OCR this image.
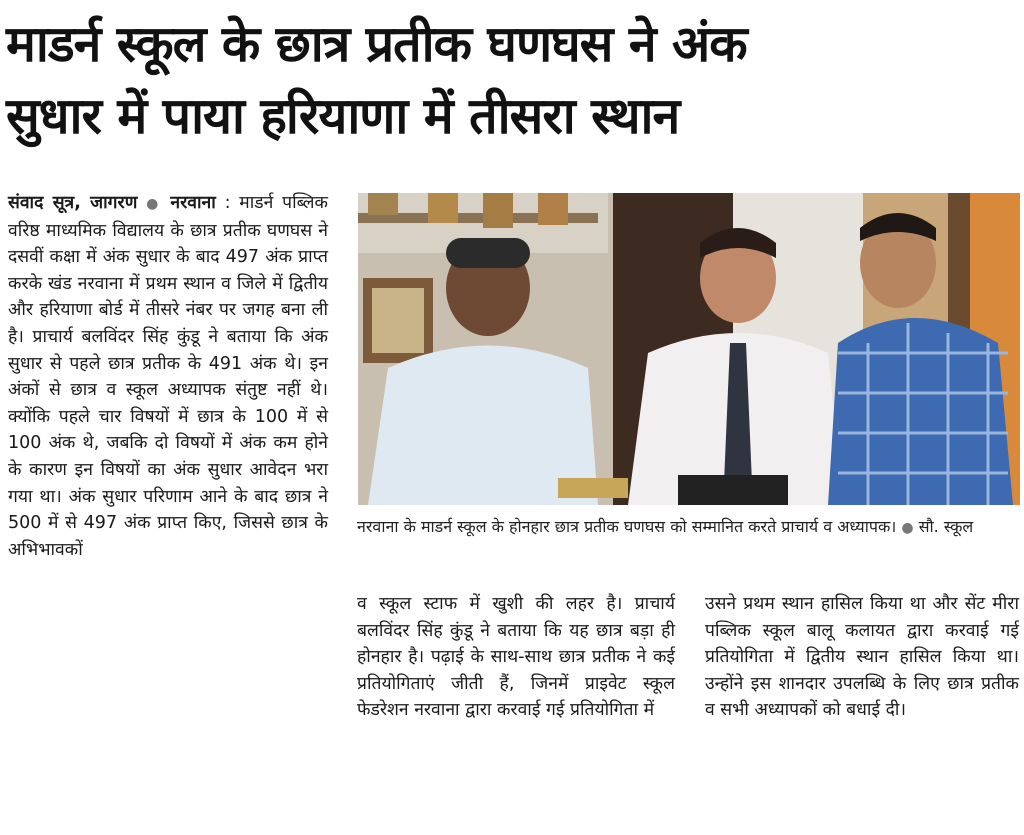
माडर्न स्कूल के छात्र प्रतीक घणघस ने अंक
सुधार में पाया हरियाणा में तीसरा स्थान

संवाद सूत्र, जागरण ● नरवाना : माडर्न पब्लिक वरिष्ठ माध्यमिक विद्यालय के छात्र प्रतीक घणघस ने दसवीं कक्षा में अंक सुधार के बाद 497 अंक प्राप्त करके खंड नरवाना में प्रथम स्थान व जिले में द्वितीय और हरियाणा बोर्ड में तीसरे नंबर पर जगह बना ली है। प्राचार्य बलविंदर सिंह कुंडू ने बताया कि अंक सुधार से पहले छात्र प्रतीक के 491 अंक थे। इन अंकों से छात्र व स्कूल अध्यापक संतुष्ट नहीं थे। क्योंकि पहले चार विषयों में छात्र के 100 में से 100 अंक थे, जबकि दो विषयों में अंक कम होने के कारण इन विषयों का अंक सुधार आवेदन भरा गया था। अंक सुधार परिणाम आने के बाद छात्र ने 500 में से 497 अंक प्राप्त किए, जिससे छात्र के अभिभावकों

नरवाना के माडर्न स्कूल के होनहार छात्र प्रतीक घणघस को सम्मानित करते प्राचार्य व अध्यापक। ● सौ. स्कूल

व स्कूल स्टाफ में खुशी की लहर है। प्राचार्य बलविंदर सिंह कुंडू ने बताया कि यह छात्र बड़ा ही होनहार है। पढ़ाई के साथ-साथ छात्र प्रतीक ने कई प्रतियोगिताएं जीती हैं, जिनमें प्राइवेट स्कूल फेडरेशन नरवाना द्वारा करवाई गई प्रतियोगिता में

उसने प्रथम स्थान हासिल किया था और सेंट मीरा पब्लिक स्कूल बालू कलायत द्वारा करवाई गई प्रतियोगिता में द्वितीय स्थान हासिल किया था। उन्होंने इस शानदार उपलब्धि के लिए छात्र प्रतीक व सभी अध्यापकों को बधाई दी।
